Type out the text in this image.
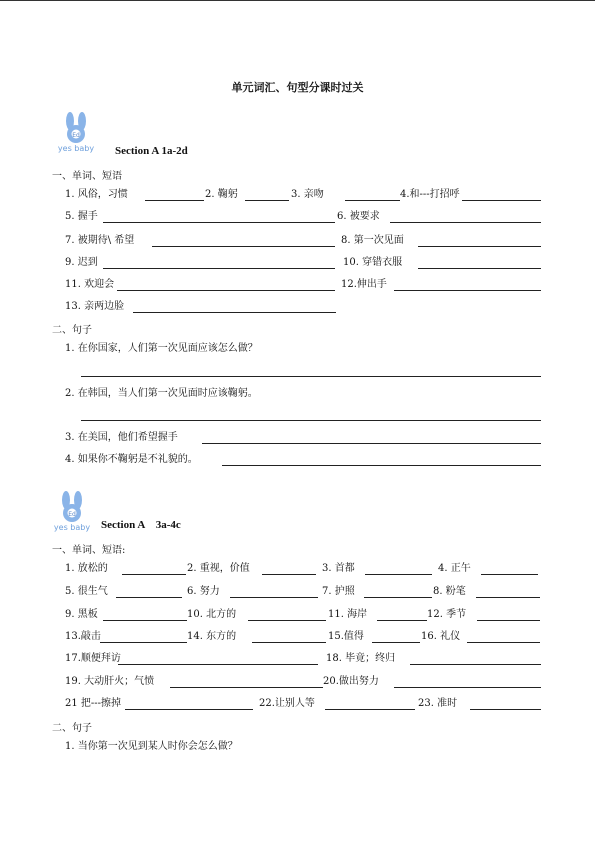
单元词汇、句型分课时过关
Ed
yes baby Section A 1a-2d
一、单词、短语
1. 风俗，习惯	2. 鞠躬	3. 亲吻	4.和---打招呼
5. 握手	6. 被要求
7. 被期待\ 希望	8. 第一次见面
9. 迟到	10. 穿错衣服
11. 欢迎会	12.伸出手
13. 亲两边脸
二、句子
1. 在你国家，人们第一次见面应该怎么做？
2. 在韩国，当人们第一次见面时应该鞠躬。
3. 在美国，他们希望握手
4. 如果你不鞠躬是不礼貌的。
Ed
yes baby Section A    3a-4c
一、单词、短语:
1. 放松的	2. 重视，价值	3. 首都	4. 正午
5. 很生气	6. 努力	7. 护照	8. 粉笔
9. 黑板	10. 北方的	11. 海岸	12. 季节
13.敲击	14. 东方的	15.值得	16. 礼仪
17.顺便拜访	18. 毕竟；终归
19. 大动肝火；气愤	20.做出努力
21 把---擦掉	22.让别人等	23. 准时
二、句子
1. 当你第一次见到某人时你会怎么做？
